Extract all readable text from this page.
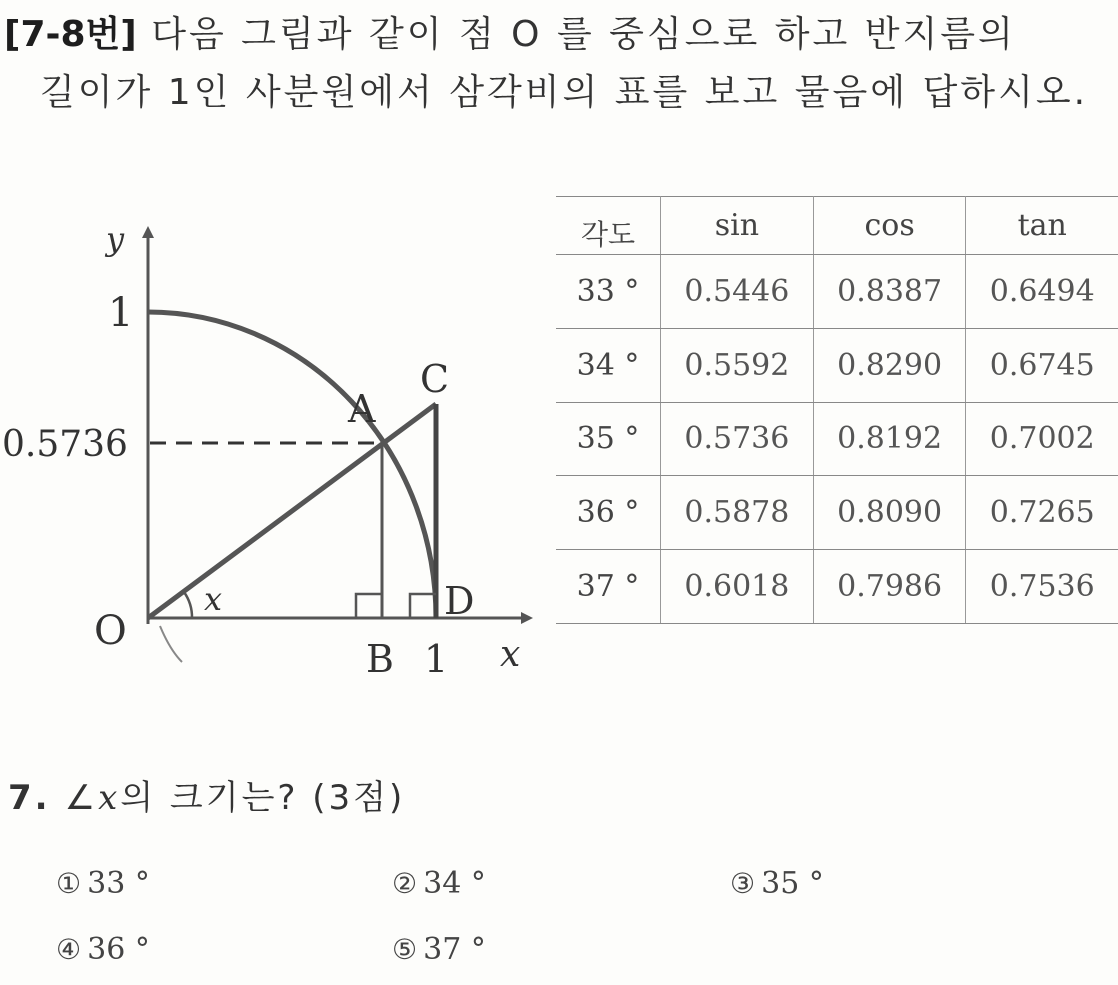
[7-8번] 다음 그림과 같이 점 O 를 중심으로 하고 반지름의
길이가 1인 사분원에서 삼각비의 표를 보고 물음에 답하시오.
y
1
0.5736
O
x
A
C
D
B 1 x
각도	sin	cos	tan
33 °	0.5446	0.8387	0.6494
34 °	0.5592	0.8290	0.6745
35 °	0.5736	0.8192	0.7002
36 °	0.5878	0.8090	0.7265
37 °	0.6018	0.7986	0.7536
7. ∠x의 크기는? (3점)
① 33 °	② 34 °	③ 35 °
④ 36 °	⑤ 37 °
